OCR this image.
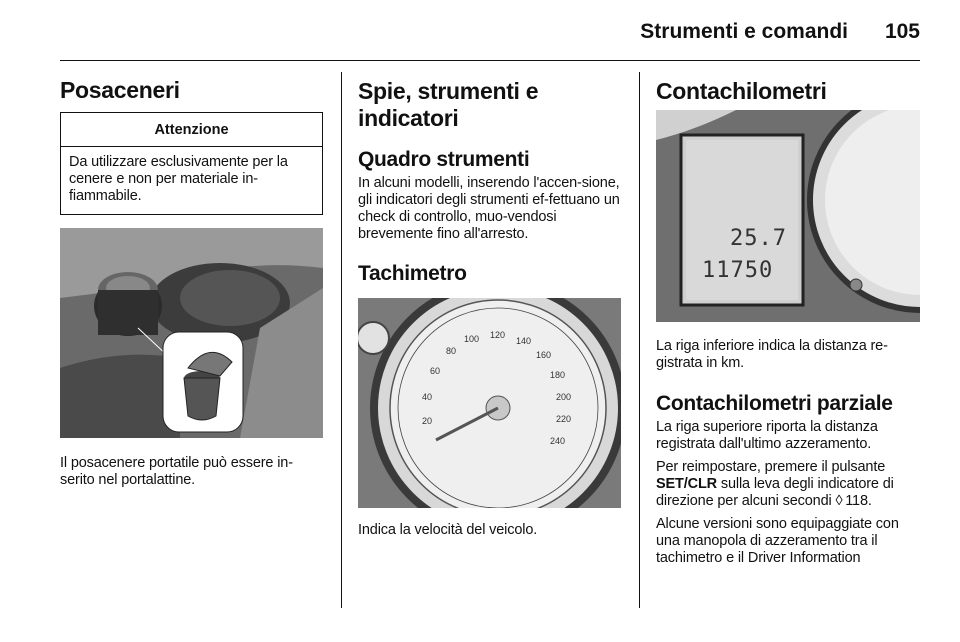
Strumenti e comandi 105
Posaceneri
Attenzione

Da utilizzare esclusivamente per la cenere e non per materiale in-fiammabile.

Il posacenere portatile può essere in-serito nel portalattine.

Spie, strumenti e indicatori
Quadro strumenti

In alcuni modelli, inserendo l'accen-sione, gli indicatori degli strumenti ef-fettuano un check di controllo, muo-vendosi brevemente fino all'arresto.

Tachimetro
20
40
60
80
100 120
140
160
180
200
220
240

Indica la velocità del veicolo.

Contachilometri
25.7
11750

La riga inferiore indica la distanza re-gistrata in km.

Contachilometri parziale

La riga superiore riporta la distanza registrata dall'ultimo azzeramento.

Per reimpostare, premere il pulsante SET/CLR sulla leva degli indicatore di direzione per alcuni secondi ◊  118.

Alcune versioni sono equipaggiate con una manopola di azzeramento tra il tachimetro e il Driver Information
